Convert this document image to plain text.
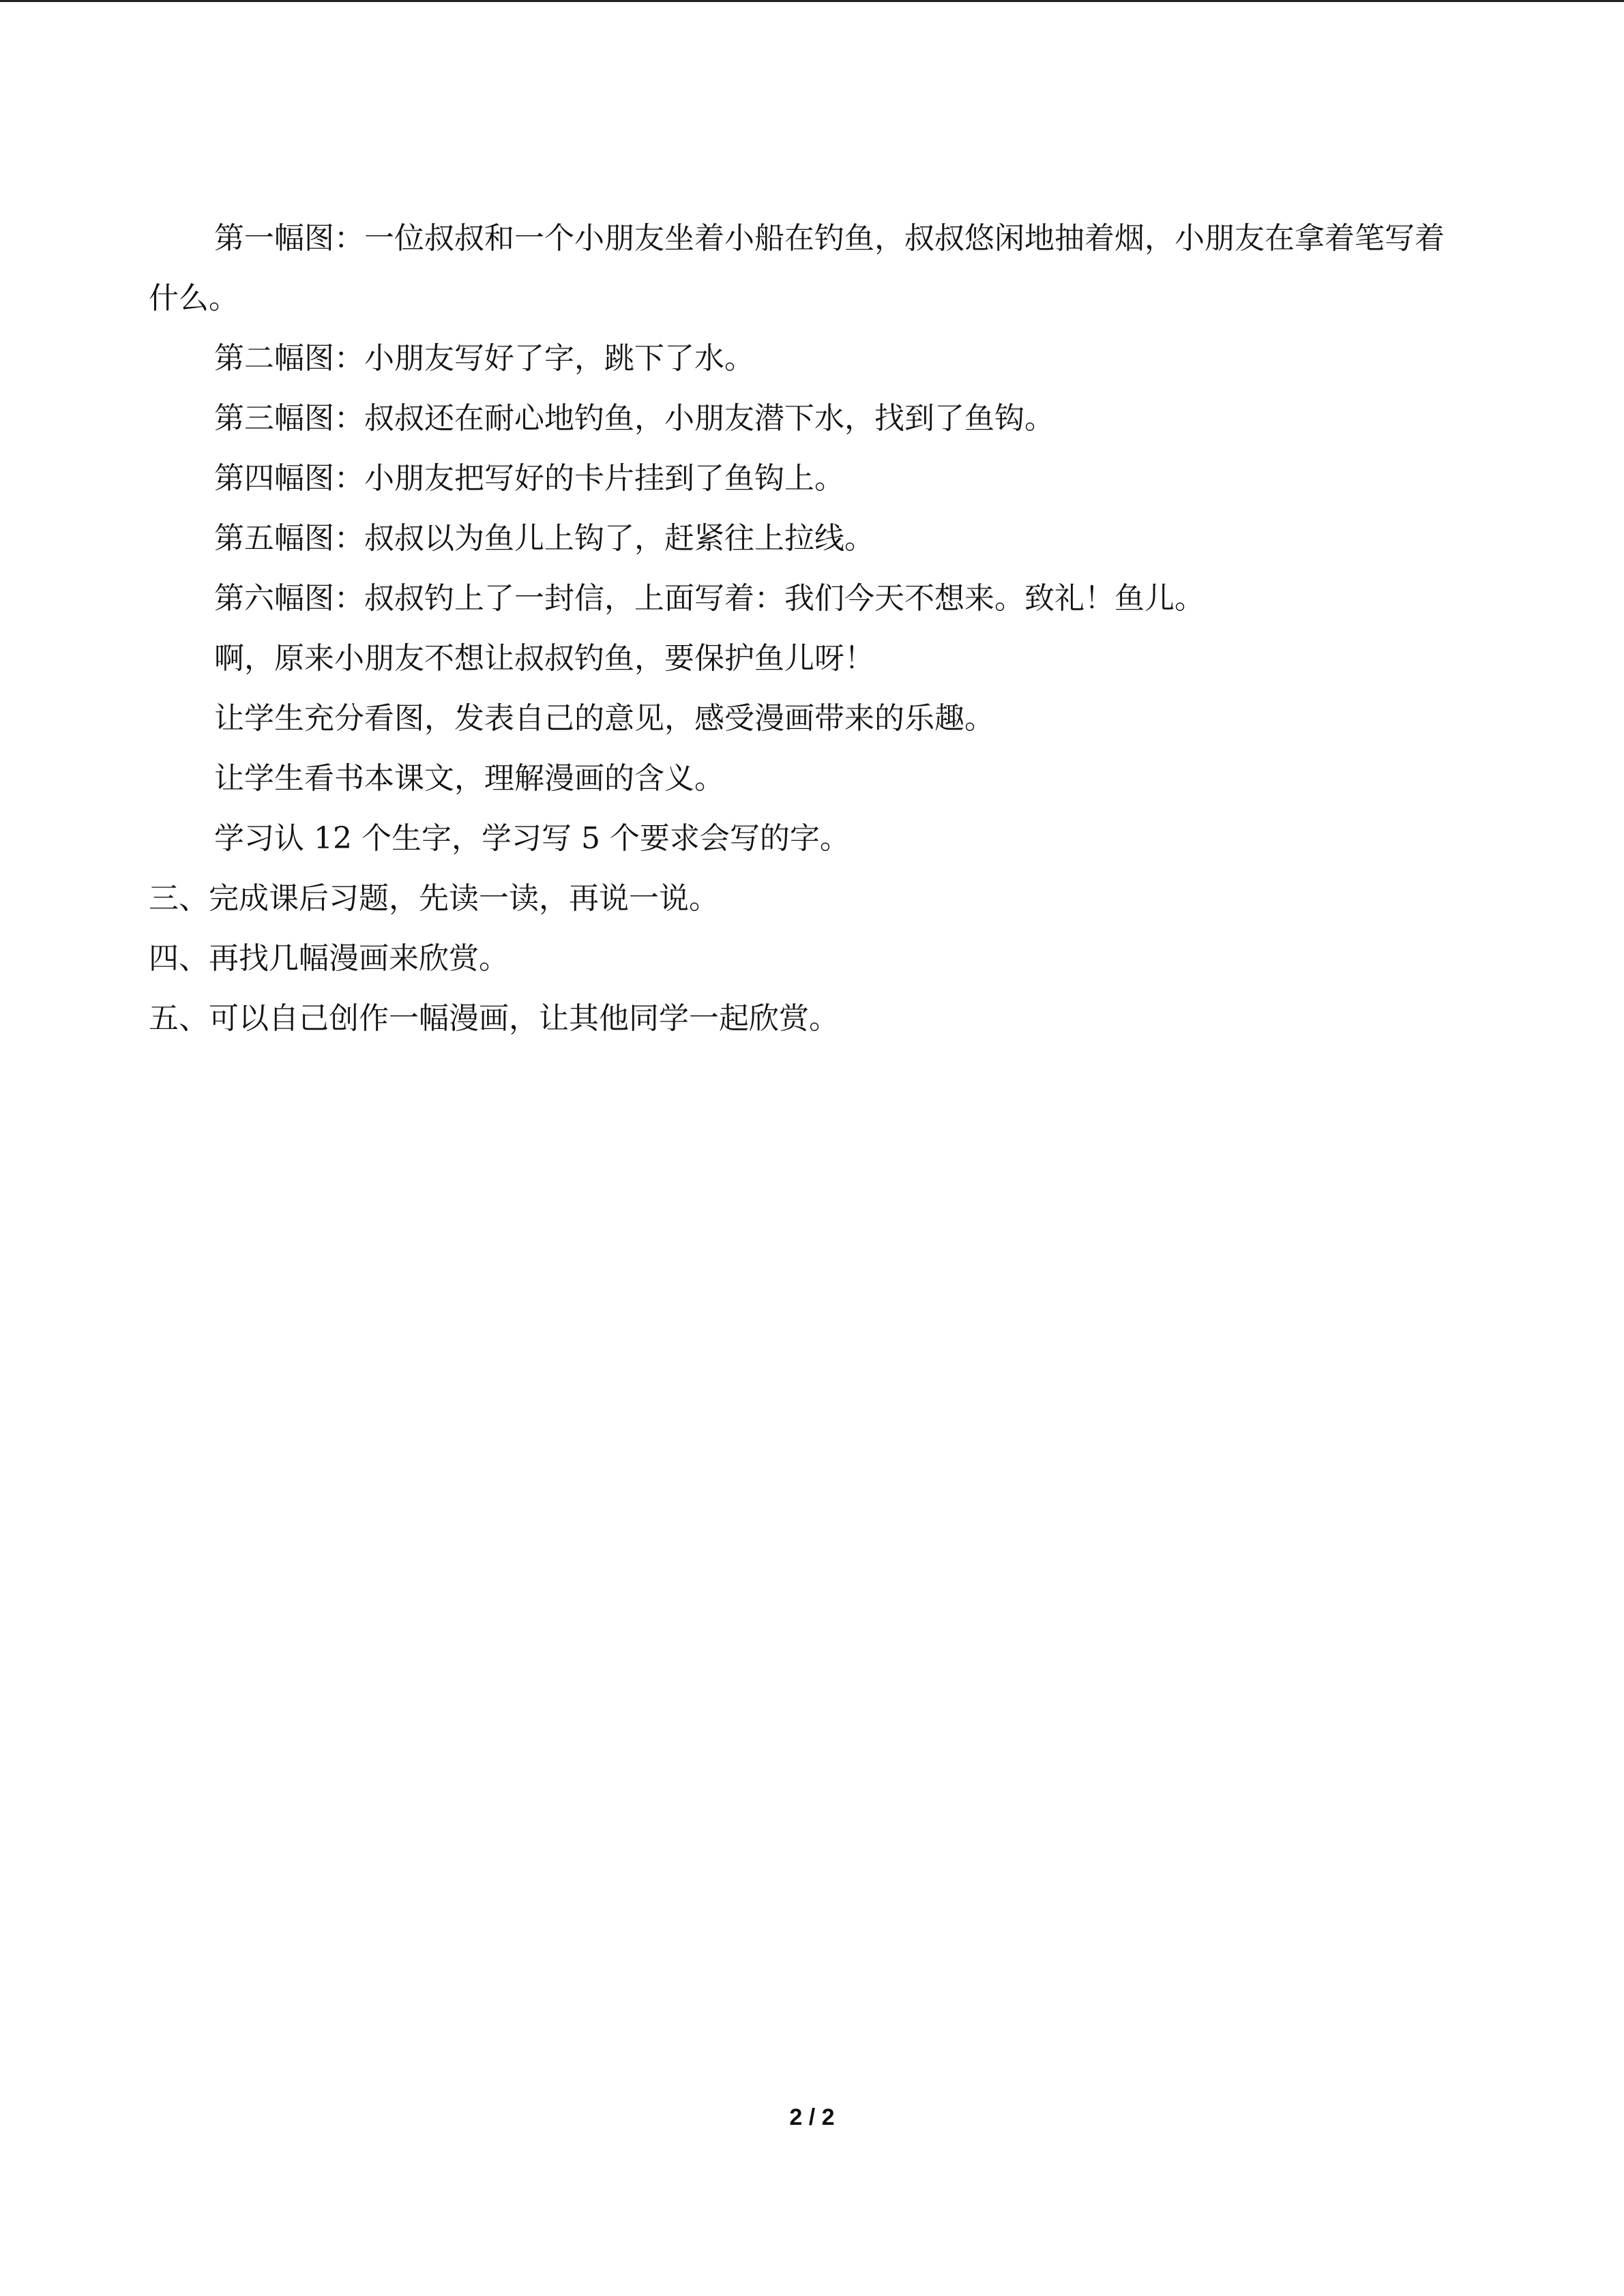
第一幅图：一位叔叔和一个小朋友坐着小船在钓鱼，叔叔悠闲地抽着烟，小朋友在拿着笔写着什么。

第二幅图：小朋友写好了字，跳下了水。

第三幅图：叔叔还在耐心地钓鱼，小朋友潜下水，找到了鱼钩。

第四幅图：小朋友把写好的卡片挂到了鱼钩上。

第五幅图：叔叔以为鱼儿上钩了，赶紧往上拉线。

第六幅图：叔叔钓上了一封信，上面写着：我们今天不想来。致礼！鱼儿。

啊，原来小朋友不想让叔叔钓鱼，要保护鱼儿呀！

让学生充分看图，发表自己的意见，感受漫画带来的乐趣。

让学生看书本课文，理解漫画的含义。

学习认 12 个生字，学习写 5 个要求会写的字。

三、完成课后习题，先读一读，再说一说。

四、再找几幅漫画来欣赏。

五、可以自己创作一幅漫画，让其他同学一起欣赏。

2 / 2
